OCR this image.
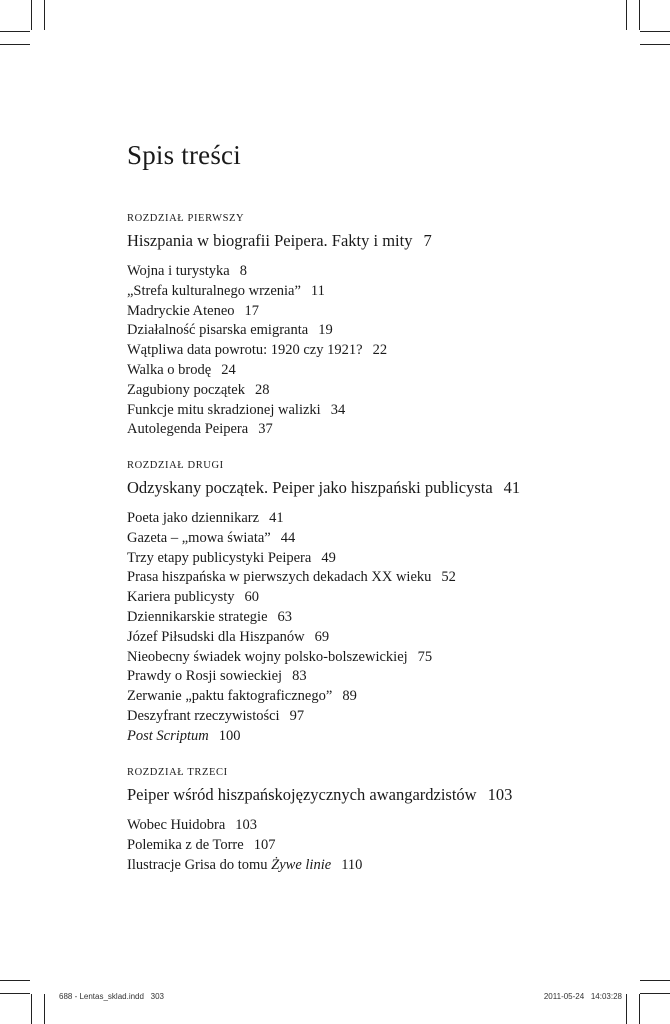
Spis treści
ROZDZIAŁ PIERWSZY
Hiszpania w biografii Peipera. Fakty i mity 7
Wojna i turystyka 8
„Strefa kulturalnego wrzenia” 11
Madryckie Ateneo 17
Działalność pisarska emigranta 19
Wątpliwa data powrotu: 1920 czy 1921? 22
Walka o brodę 24
Zagubiony początek 28
Funkcje mitu skradzionej walizki 34
Autolegenda Peipera 37
ROZDZIAŁ DRUGI
Odzyskany początek. Peiper jako hiszpański publicysta 41
Poeta jako dziennikarz 41
Gazeta – „mowa świata” 44
Trzy etapy publicystyki Peipera 49
Prasa hiszpańska w pierwszych dekadach XX wieku 52
Kariera publicysty 60
Dziennikarskie strategie 63
Józef Piłsudski dla Hiszpanów 69
Nieobecny świadek wojny polsko-bolszewickiej 75
Prawdy o Rosji sowieckiej 83
Zerwanie „paktu faktograficznego” 89
Deszyfrant rzeczywistości 97
Post Scriptum 100
ROZDZIAŁ TRZECI
Peiper wśród hiszpańskojęzycznych awangardzistów 103
Wobec Huidobra 103
Polemika z de Torre 107
Ilustracje Grisa do tomu Żywe linie 110
688 - Lentas_sklad.indd   303	2011-05-24   14:03:28
